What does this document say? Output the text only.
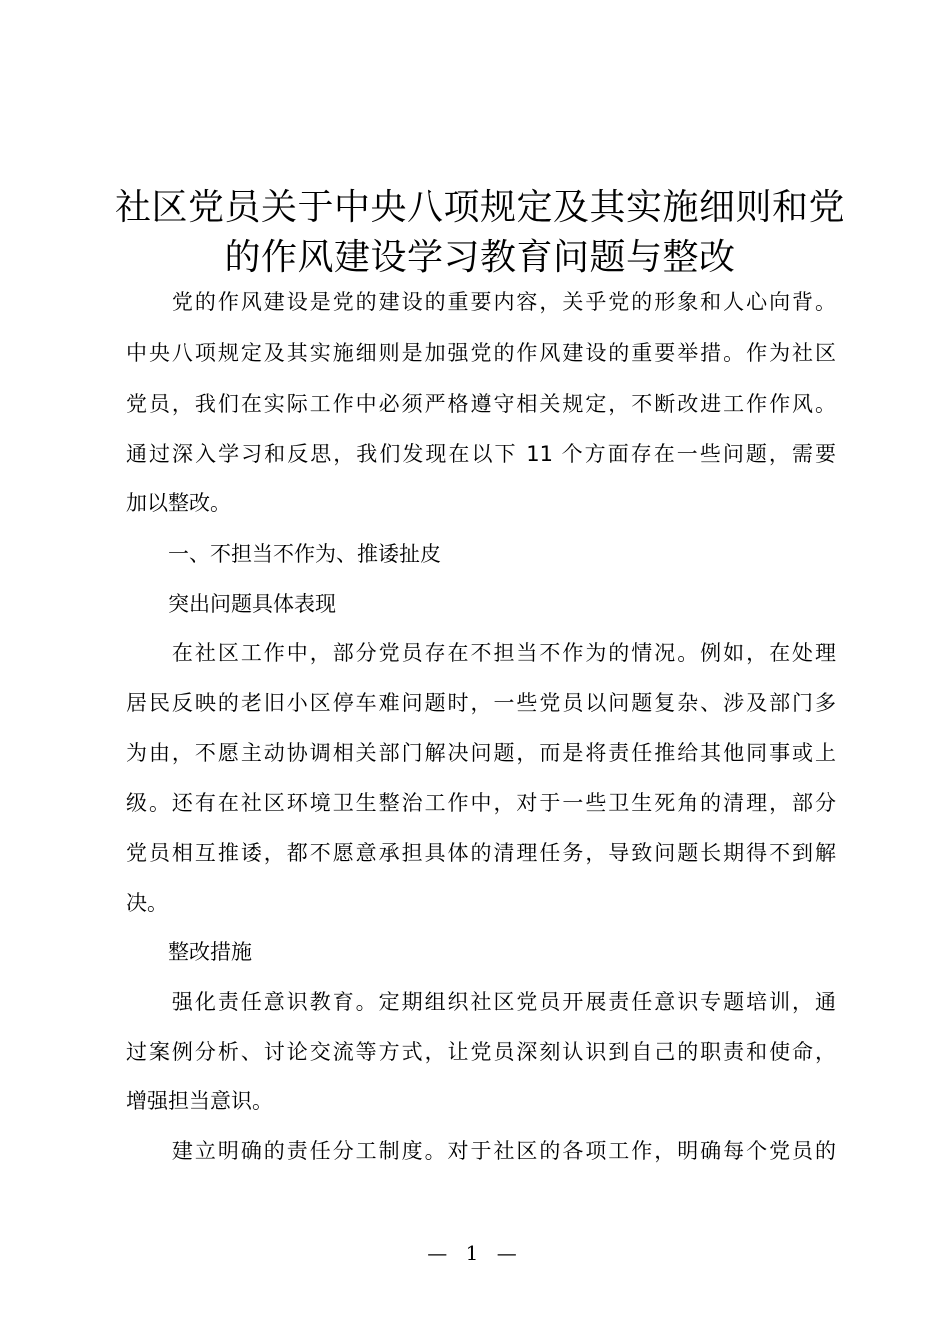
社区党员关于中央八项规定及其实施细则和党
的作风建设学习教育问题与整改
　　党的作风建设是党的建设的重要内容，关乎党的形象和人心向背。
中央八项规定及其实施细则是加强党的作风建设的重要举措。作为社区
党员，我们在实际工作中必须严格遵守相关规定，不断改进工作作风。
通过深入学习和反思，我们发现在以下 11 个方面存在一些问题，需要
加以整改。
　　一、不担当不作为、推诿扯皮
　　突出问题具体表现
　　在社区工作中，部分党员存在不担当不作为的情况。例如，在处理
居民反映的老旧小区停车难问题时，一些党员以问题复杂、涉及部门多
为由，不愿主动协调相关部门解决问题，而是将责任推给其他同事或上
级。还有在社区环境卫生整治工作中，对于一些卫生死角的清理，部分
党员相互推诿，都不愿意承担具体的清理任务，导致问题长期得不到解
决。
　　整改措施
　　强化责任意识教育。定期组织社区党员开展责任意识专题培训，通
过案例分析、讨论交流等方式，让党员深刻认识到自己的职责和使命，
增强担当意识。
　　建立明确的责任分工制度。对于社区的各项工作，明确每个党员的
— 1 —
